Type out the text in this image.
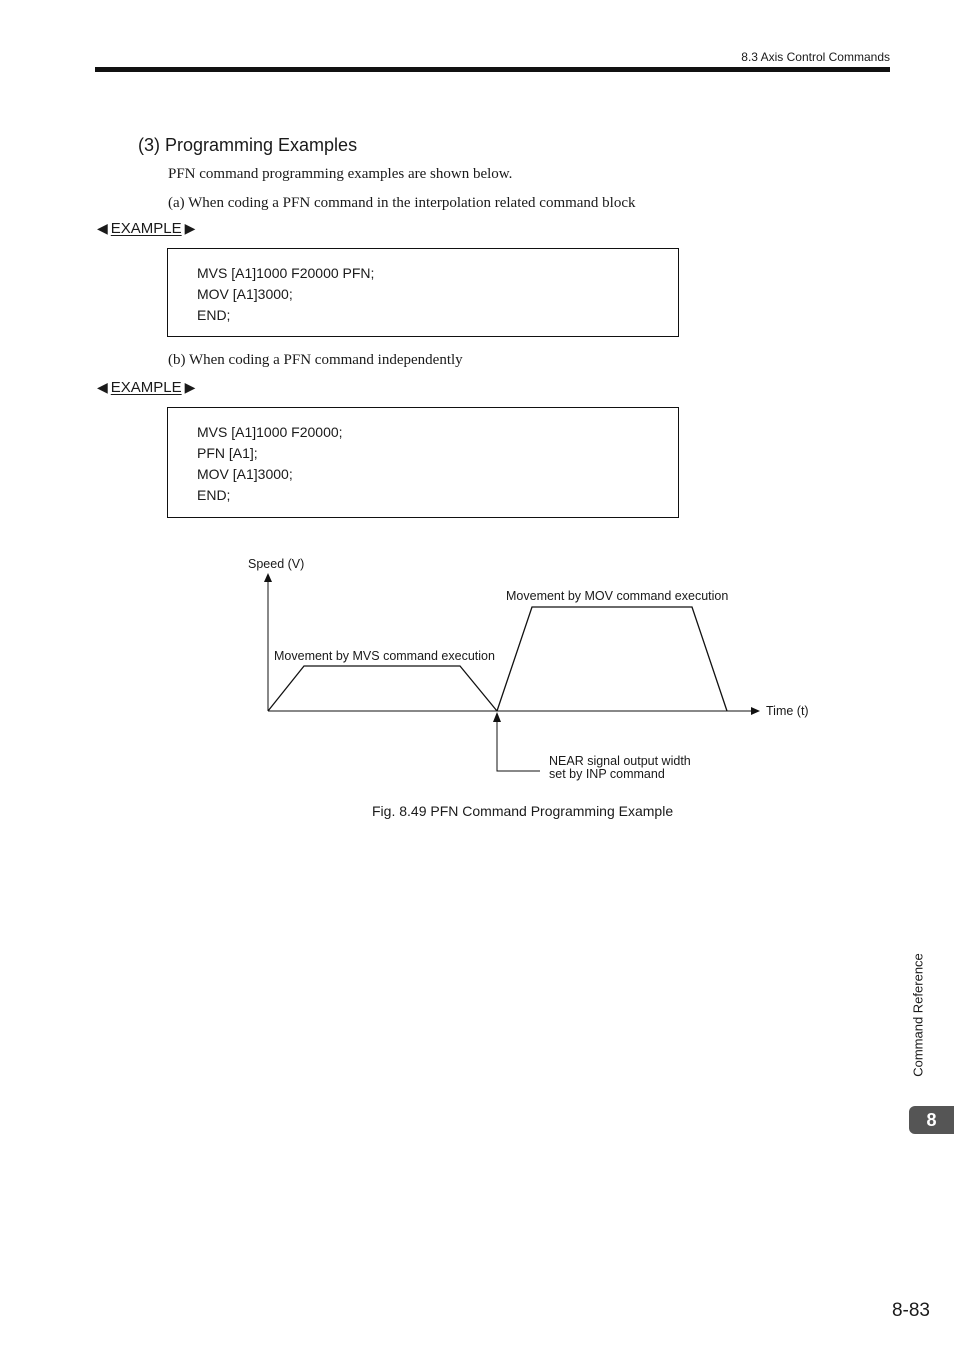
8.3 Axis Control Commands
(3) Programming Examples
PFN command programming examples are shown below.
(a) When coding a PFN command in the interpolation related command block
◀ EXAMPLE ▶
MVS [A1]1000 F20000 PFN;
MOV [A1]3000;
END;
(b) When coding a PFN command independently
◀ EXAMPLE ▶
MVS [A1]1000 F20000;
PFN [A1];
MOV [A1]3000;
END;
Speed (V)
Time (t)
Movement by MVS command execution
Movement by MOV command execution
NEAR signal output width
set by INP command
Fig. 8.49 PFN Command Programming Example
Command Reference
8
8-83
